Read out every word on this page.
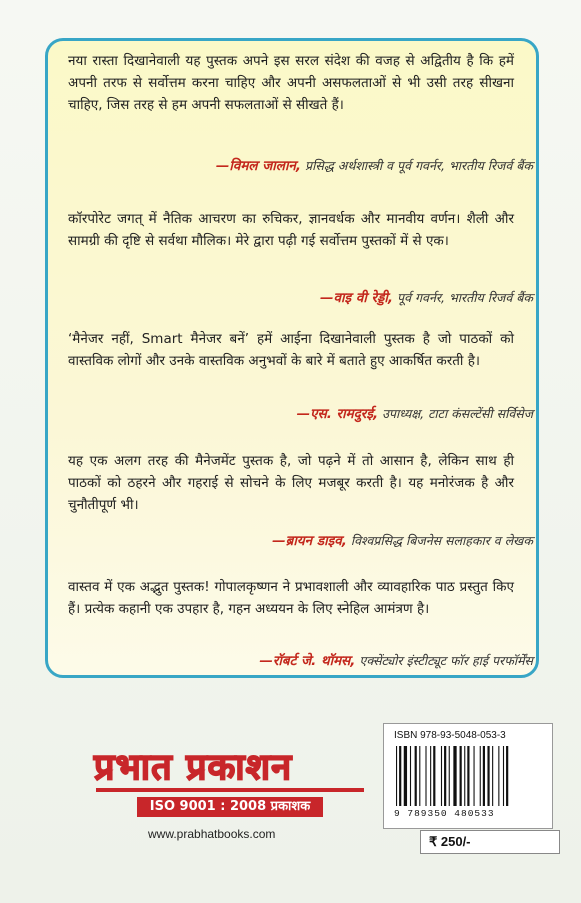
नया रास्ता दिखानेवाली यह पुस्तक अपने इस सरल संदेश की वजह से अद्वितीय है कि हमें अपनी तरफ से सर्वोत्तम करना चाहिए और अपनी असफलताओं से भी उसी तरह सीखना चाहिए, जिस तरह से हम अपनी सफलताओं से सीखते हैं।
—विमल जालान, प्रसिद्ध अर्थशास्त्री व पूर्व गवर्नर, भारतीय रिजर्व बैंक
कॉरपोरेट जगत् में नैतिक आचरण का रुचिकर, ज्ञानवर्धक और मानवीय वर्णन। शैली और सामग्री की दृष्टि से सर्वथा मौलिक। मेरे द्वारा पढ़ी गई सर्वोत्तम पुस्तकों में से एक।
—वाइ वी रेड्डी, पूर्व गवर्नर, भारतीय रिजर्व बैंक
‘मैनेजर नहीं, Smart मैनेजर बनें’ हमें आईना दिखानेवाली पुस्तक है जो पाठकों को वास्तविक लोगों और उनके वास्तविक अनुभवों के बारे में बताते हुए आकर्षित करती है।
—एस. रामदुरई, उपाध्यक्ष, टाटा कंसल्टेंसी सर्विसेज
यह एक अलग तरह की मैनेजमेंट पुस्तक है, जो पढ़ने में तो आसान है, लेकिन साथ ही पाठकों को ठहरने और गहराई से सोचने के लिए मजबूर करती है। यह मनोरंजक है और चुनौतीपूर्ण भी।
—ब्रायन डाइव, विश्वप्रसिद्ध बिजनेस सलाहकार व लेखक
वास्तव में एक अद्भुत पुस्तक! गोपालकृष्णन ने प्रभावशाली और व्यावहारिक पाठ प्रस्तुत किए हैं। प्रत्येक कहानी एक उपहार है, गहन अध्ययन के लिए स्नेहिल आमंत्रण है।
—रॉबर्ट जे. थॉमस, एक्सेंट्योर इंस्टीट्यूट फॉर हाई परफॉर्मेंस
प्रभात प्रकाशन
ISO 9001 : 2008 प्रकाशक
www.prabhatbooks.com
ISBN 978-93-5048-053-3
9 789350 480533
₹ 250/-
